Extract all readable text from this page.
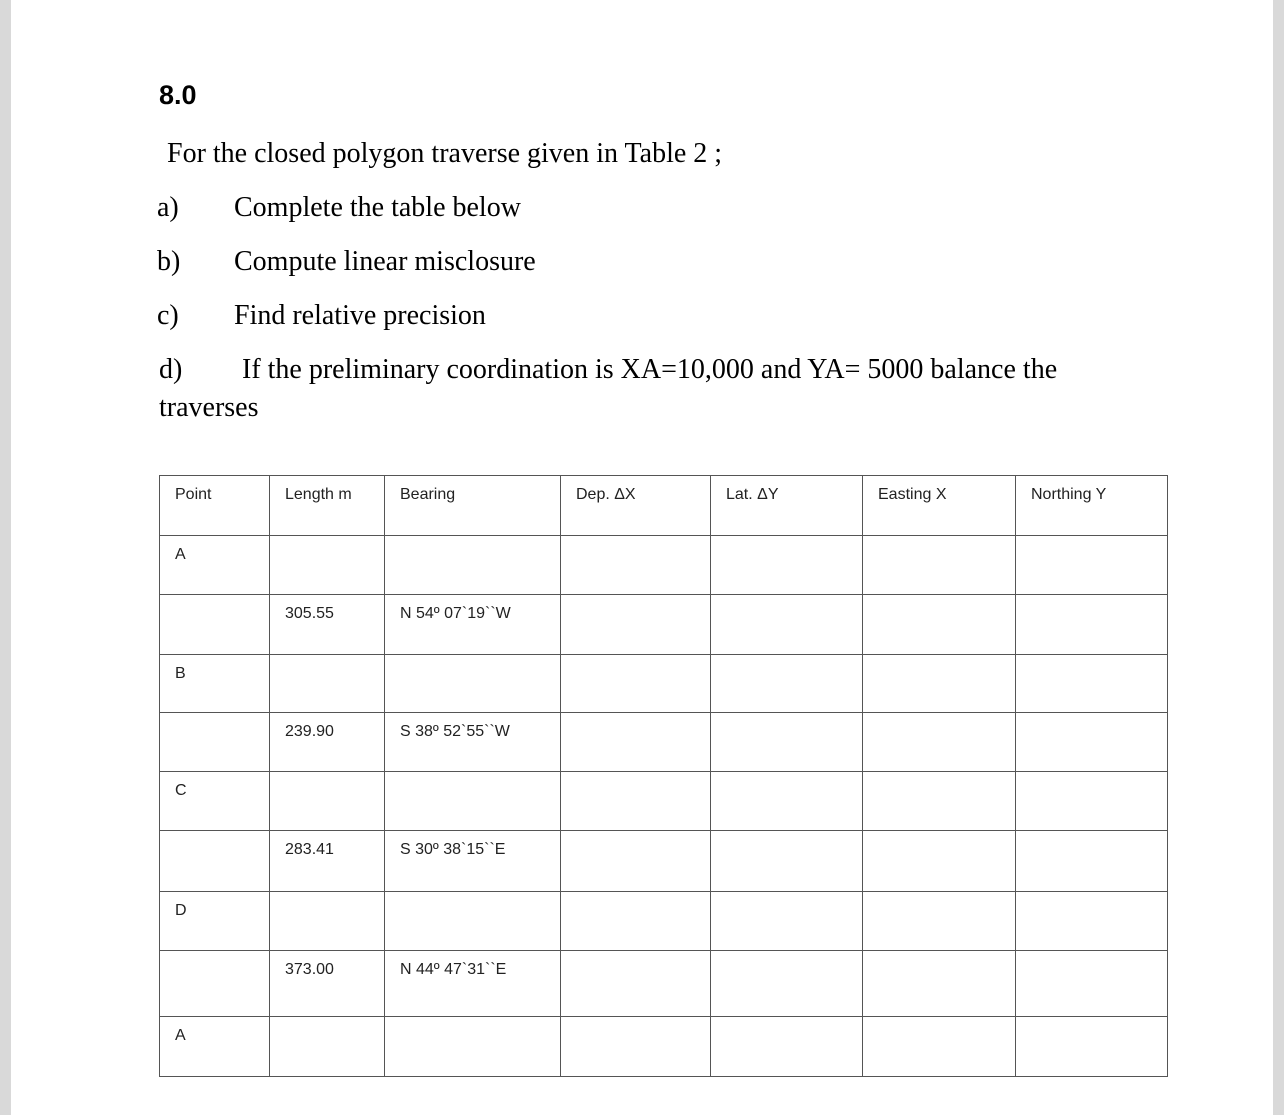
8.0
For the closed polygon traverse given in Table 2 ;
a) Complete the table below
b) Compute linear misclosure
c) Find relative precision
d) If the preliminary coordination is XA=10,000 and YA= 5000 balance the
traverses
Point	Length m	Bearing	Dep. ΔX	Lat. ΔY	Easting X	Northing Y
A						
	305.55	N 54º 07`19``W				
B						
	239.90	S 38º 52`55``W				
C						
	283.41	S 30º 38`15``E				
D						
	373.00	N 44º 47`31``E				
A						
